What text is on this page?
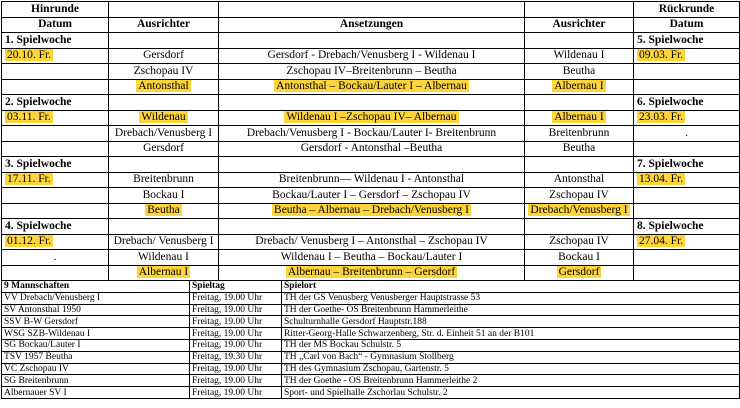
Hinrunde				Rückrunde
Datum	Ausrichter	Ansetzungen	Ausrichter	Datum
1. Spielwoche				5. Spielwoche
20.10. Fr.	Gersdorf	Gersdorf - Drebach/Venusberg I - Wildenau I	Wildenau I	09.03. Fr.
	Zschopau IV	Zschopau IV–Breitenbrunn – Beutha	Beutha	
	Antonsthal	Antonsthal – Bockau/Lauter I – Albernau	Albernau I	
2. Spielwoche				6. Spielwoche
03.11. Fr.	Wildenau	Wildenau I –Zschopau IV– Albernau	Albernau I	23.03. Fr.
	Drebach/Venusberg I	Drebach/Venusberg I - Bockau/Lauter I- Breitenbrunn	Breitenbrunn	.
	Gersdorf	Gersdorf - Antonsthal –Beutha	Beutha	
3. Spielwoche				7. Spielwoche
17.11. Fr.	Breitenbrunn	Breitenbrunn— Wildenau I - Antonsthal	Antonsthal	13.04. Fr.
	Bockau I	Bockau/Lauter I – Gersdorf – Zschopau IV	Zschopau IV	
	Beutha	Beutha – Albernau – Drebach/Venusberg I	Drebach/Venusberg I	
4. Spielwoche				8. Spielwoche
01.12. Fr.	Drebach/ Venusberg I	Drebach/ Venusberg I – Antonsthal – Zschopau IV	Zschopau IV	27.04. Fr.
.	Wildenau I	Wildenau I – Beutha – Bockau/Lauter I	Bockau I	
	Albernau I	Albernau – Breitenbrunn – Gersdorf	Gersdorf	
9 Mannschaften	Spieltag	Spielort
VV Drebach/Venusberg I	Freitag, 19.00 Uhr	TH der GS Venusberg Venusberger Hauptstrasse 53
SV Antonsthal 1950	Freitag, 19.00 Uhr	TH der Goethe- OS Breitenbrunn Hammerleithe
SSV B-W Gersdorf	Freitag, 19.00 Uhr	Schulturnhalle Gersdorf Hauptstr.188
WSG SZB-Wildenau I	Freitag, 19.00 Uhr	Ritter-Georg-Halle Schwarzenberg, Str. d. Einheit 51 an der B101
SG Bockau/Lauter I	Freitag, 19.00 Uhr	TH der MS Bockau Schulstr. 5
TSV 1957 Beutha	Freitag, 19.30 Uhr	TH „Carl von Bach“ - Gymnasium Stollberg
VC Zschopau IV	Freitag, 19.00 Uhr	TH des Gymnasium Zschopau, Gartenstr. 5
SG Breitenbrunn	Freitag, 19.00 Uhr	TH der Goethe - OS Breitenbrunn Hammerleithe 2
Albernauer SV I	Freitag, 19.00 Uhr	Sport- und Spielhalle Zschorlau Schulstr. 2
